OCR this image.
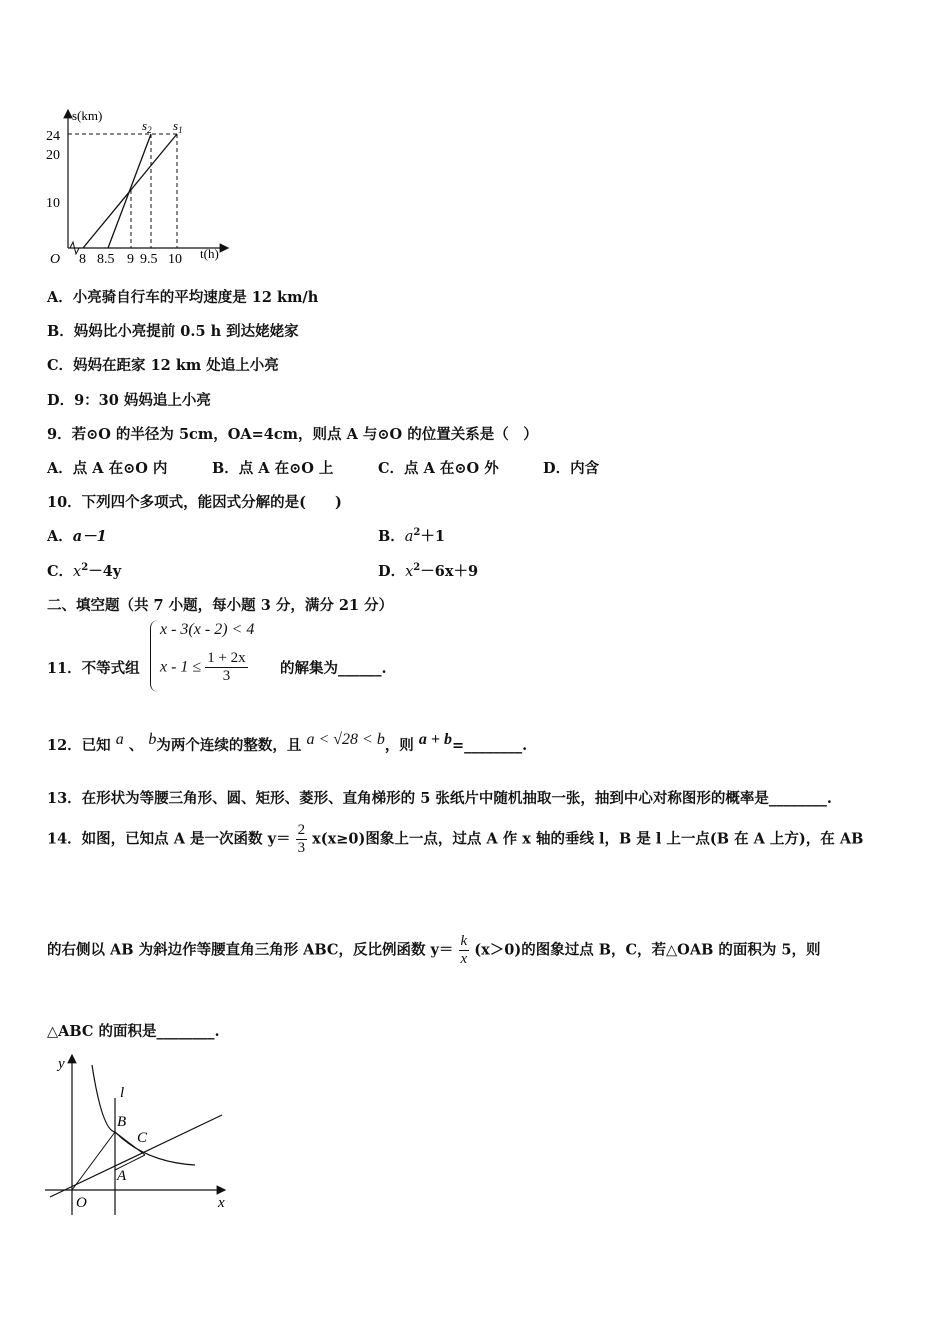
s(km)
t(h)
O
24
20
10
8 8.5 9 9.5 10
$s_2$ $s_1$
A．小亮骑自行车的平均速度是 12 km/h
B．妈妈比小亮提前 0.5 h 到达姥姥家
C．妈妈在距家 12 km 处追上小亮
D．9：30 妈妈追上小亮
9．若⊙O 的半径为 5cm，OA=4cm，则点 A 与⊙O 的位置关系是（　）
A．点 A 在⊙O 内	B．点 A 在⊙O 上	C．点 A 在⊙O 外	D．内含
10．下列四个多项式，能因式分解的是(　　)
A．a－1	B．$a^2+1$
C．$x^2-4y$	D．$x^2-6x+9$
二、填空题（共 7 小题，每小题 3 分，满分 21 分）
11．不等式组
x - 3(x - 2) < 4
$x - 1 \le \frac{1 + 2x}{3}$ 的解集为______.
12．已知 a 、 b为两个连续的整数，且 a < √28 < b，则 a + b=________.
13．在形状为等腰三角形、圆、矩形、菱形、直角梯形的 5 张纸片中随机抽取一张，抽到中心对称图形的概率是________.
14．如图，已知点 A 是一次函数 $y= \frac{2}{3} x(x\ge 0)$图象上一点，过点 A 作 x 轴的垂线 l，B 是 l 上一点(B 在 A 上方)，在 AB
的右侧以 AB 为斜边作等腰直角三角形 ABC，反比例函数 $y= \frac{k}{x} (x>0)$的图象过点 B，C，若△OAB 的面积为 5，则
△ABC 的面积是________.
y
x
O
l
B
C
A
